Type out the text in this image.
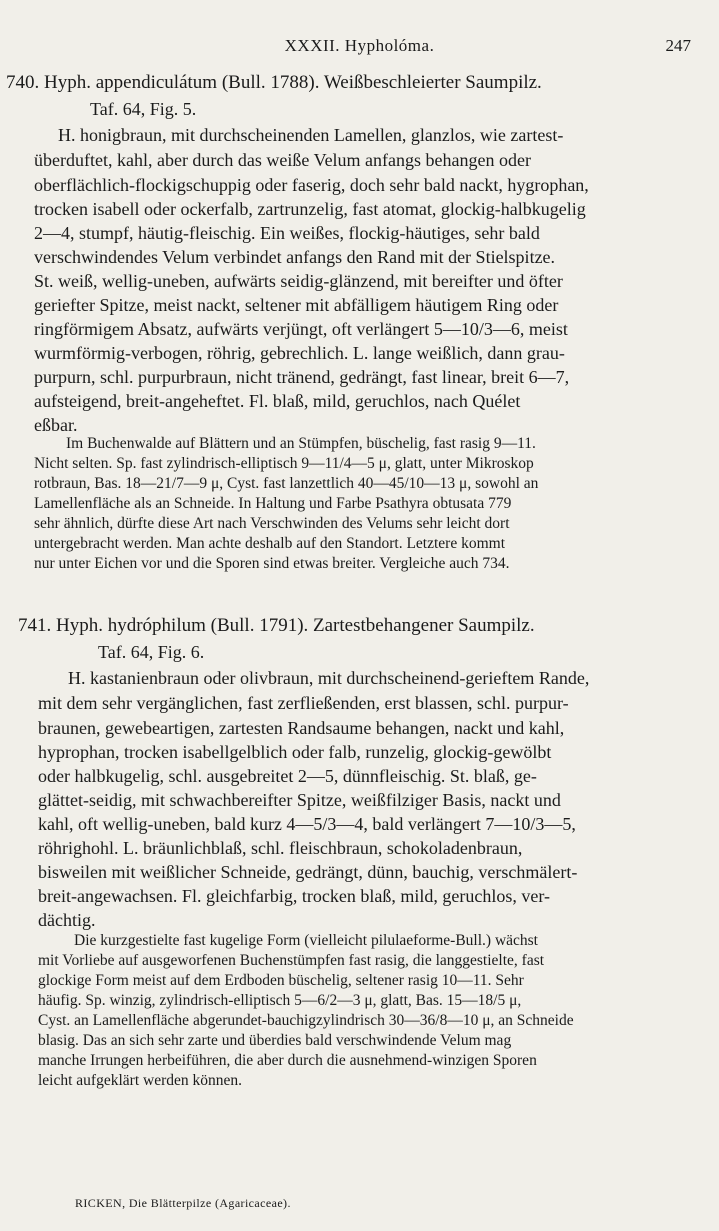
XXXII. Hypholóma.	247
740. Hyph. appendiculátum (Bull. 1788). Weißbeschleierter Saumpilz.
Taf. 64, Fig. 5.
H. honigbraun, mit durchscheinenden Lamellen, glanzlos, wie zartest-
überduftet, kahl, aber durch das weiße Velum anfangs behangen oder
oberflächlich-flockigschuppig oder faserig, doch sehr bald nackt, hygrophan,
trocken isabell oder ockerfalb, zartrunzelig, fast atomat, glockig-halbkugelig
2—4, stumpf, häutig-fleischig. Ein weißes, flockig-häutiges, sehr bald
verschwindendes Velum verbindet anfangs den Rand mit der Stielspitze.
St. weiß, wellig-uneben, aufwärts seidig-glänzend, mit bereifter und öfter
geriefter Spitze, meist nackt, seltener mit abfälligem häutigem Ring oder
ringförmigem Absatz, aufwärts verjüngt, oft verlängert 5—10/3—6, meist
wurmförmig-verbogen, röhrig, gebrechlich. L. lange weißlich, dann grau-
purpurn, schl. purpurbraun, nicht tränend, gedrängt, fast linear, breit 6—7,
aufsteigend, breit-angeheftet. Fl. blaß, mild, geruchlos, nach Quélet
eßbar.
Im Buchenwalde auf Blättern und an Stümpfen, büschelig, fast rasig 9—11.
Nicht selten. Sp. fast zylindrisch-elliptisch 9—11/4—5 μ, glatt, unter Mikroskop
rotbraun, Bas. 18—21/7—9 μ, Cyst. fast lanzettlich 40—45/10—13 μ, sowohl an
Lamellenfläche als an Schneide. In Haltung und Farbe Psathyra obtusata 779
sehr ähnlich, dürfte diese Art nach Verschwinden des Velums sehr leicht dort
untergebracht werden. Man achte deshalb auf den Standort. Letztere kommt
nur unter Eichen vor und die Sporen sind etwas breiter. Vergleiche auch 734.
741. Hyph. hydróphilum (Bull. 1791). Zartestbehangener Saumpilz.
Taf. 64, Fig. 6.
H. kastanienbraun oder olivbraun, mit durchscheinend-gerieftem Rande,
mit dem sehr vergänglichen, fast zerfließenden, erst blassen, schl. purpur-
braunen, gewebeartigen, zartesten Randsaume behangen, nackt und kahl,
hyprophan, trocken isabellgelblich oder falb, runzelig, glockig-gewölbt
oder halbkugelig, schl. ausgebreitet 2—5, dünnfleischig. St. blaß, ge-
glättet-seidig, mit schwachbereifter Spitze, weißfilziger Basis, nackt und
kahl, oft wellig-uneben, bald kurz 4—5/3—4, bald verlängert 7—10/3—5,
röhrighohl. L. bräunlichblaß, schl. fleischbraun, schokoladenbraun,
bisweilen mit weißlicher Schneide, gedrängt, dünn, bauchig, verschmälert-
breit-angewachsen. Fl. gleichfarbig, trocken blaß, mild, geruchlos, ver-
dächtig.
Die kurzgestielte fast kugelige Form (vielleicht pilulaeforme-Bull.) wächst
mit Vorliebe auf ausgeworfenen Buchenstümpfen fast rasig, die langgestielte, fast
glockige Form meist auf dem Erdboden büschelig, seltener rasig 10—11. Sehr
häufig. Sp. winzig, zylindrisch-elliptisch 5—6/2—3 μ, glatt, Bas. 15—18/5 μ,
Cyst. an Lamellenfläche abgerundet-bauchigzylindrisch 30—36/8—10 μ, an Schneide
blasig. Das an sich sehr zarte und überdies bald verschwindende Velum mag
manche Irrungen herbeiführen, die aber durch die ausnehmend-winzigen Sporen
leicht aufgeklärt werden können.
RICKEN, Die Blätterpilze (Agaricaceae).
